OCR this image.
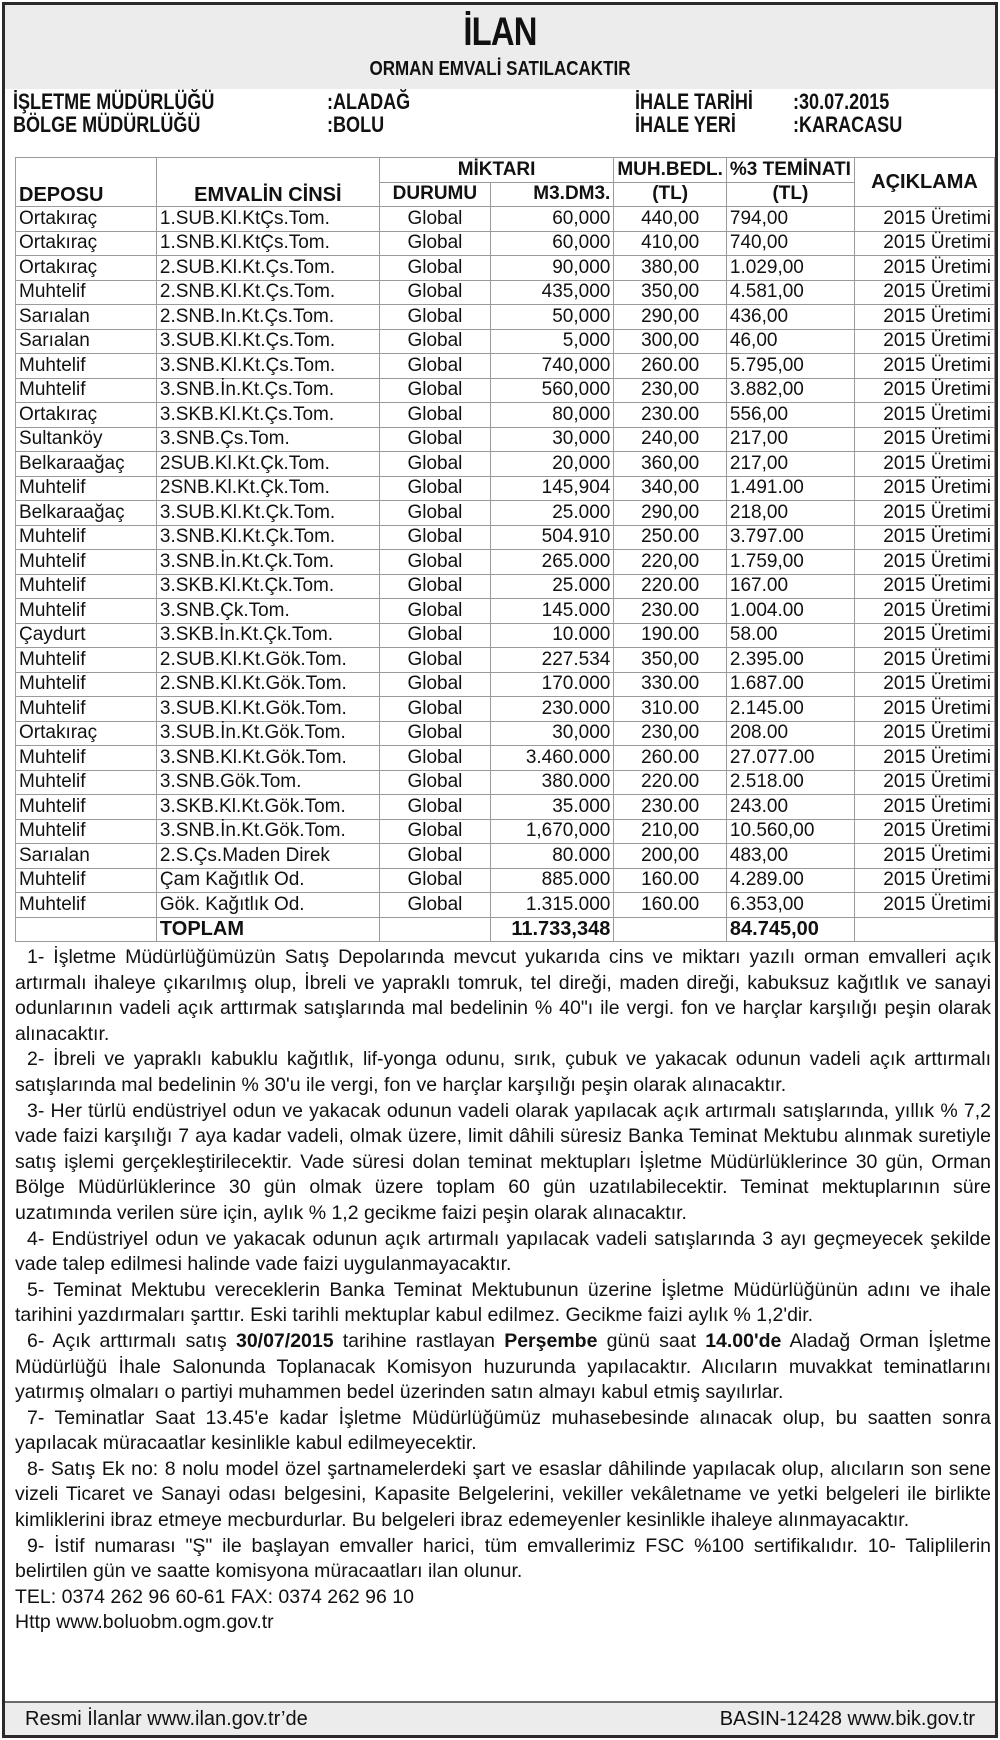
İLAN
ORMAN EMVALİ SATILACAKTIR
İŞLETME MÜDÜRLÜĞÜ	:ALADAĞ	İHALE TARİHİ :30.07.2015
BÖLGE MÜDÜRLÜĞÜ	:BOLU	İHALE YERİ	:KARACASU
DEPOSU	EMVALİN CİNSİ	MİKTARI		MUH.BEDL.	%3 TEMİNATI	AÇIKLAMA
		DURUMU	M3.DM3.	(TL)	(TL)	
Ortakıraç	1.SUB.Kl.KtÇs.Tom.	Global	60,000	440,00	794,00	2015 Üretimi
Ortakıraç	1.SNB.Kl.KtÇs.Tom.	Global	60,000	410,00	740,00	2015 Üretimi
Ortakıraç	2.SUB.Kl.Kt.Çs.Tom.	Global	90,000	380,00	1.029,00	2015 Üretimi
Muhtelif	2.SNB.Kl.Kt.Çs.Tom.	Global	435,000	350,00	4.581,00	2015 Üretimi
Sarıalan	2.SNB.In.Kt.Çs.Tom.	Global	50,000	290,00	436,00	2015 Üretimi
Sarıalan	3.SUB.Kl.Kt.Çs.Tom.	Global	5,000	300,00	46,00	2015 Üretimi
Muhtelif	3.SNB.Kl.Kt.Çs.Tom.	Global	740,000	260.00	5.795,00	2015 Üretimi
Muhtelif	3.SNB.İn.Kt.Çs.Tom.	Global	560,000	230,00	3.882,00	2015 Üretimi
Ortakıraç	3.SKB.Kl.Kt.Çs.Tom.	Global	80,000	230.00	556,00	2015 Üretimi
Sultanköy	3.SNB.Çs.Tom.	Global	30,000	240,00	217,00	2015 Üretimi
Belkaraağaç	2SUB.Kl.Kt.Çk.Tom.	Global	20,000	360,00	217,00	2015 Üretimi
Muhtelif	2SNB.Kl.Kt.Çk.Tom.	Global	145,904	340,00	1.491.00	2015 Üretimi
Belkaraağaç	3.SUB.Kl.Kt.Çk.Tom.	Global	25.000	290,00	218,00	2015 Üretimi
Muhtelif	3.SNB.Kl.Kt.Çk.Tom.	Global	504.910	250.00	3.797.00	2015 Üretimi
Muhtelif	3.SNB.İn.Kt.Çk.Tom.	Global	265.000	220,00	1.759,00	2015 Üretimi
Muhtelif	3.SKB.Kl.Kt.Çk.Tom.	Global	25.000	220.00	167.00	2015 Üretimi
Muhtelif	3.SNB.Çk.Tom.	Global	145.000	230.00	1.004.00	2015 Üretimi
Çaydurt	3.SKB.İn.Kt.Çk.Tom.	Global	10.000	190.00	58.00	2015 Üretimi
Muhtelif	2.SUB.Kl.Kt.Gök.Tom.	Global	227.534	350,00	2.395.00	2015 Üretimi
Muhtelif	2.SNB.Kl.Kt.Gök.Tom.	Global	170.000	330.00	1.687.00	2015 Üretimi
Muhtelif	3.SUB.Kl.Kt.Gök.Tom.	Global	230.000	310.00	2.145.00	2015 Üretimi
Ortakıraç	3.SUB.İn.Kt.Gök.Tom.	Global	30,000	230,00	208.00	2015 Üretimi
Muhtelif	3.SNB.Kl.Kt.Gök.Tom.	Global	3.460.000	260.00	27.077.00	2015 Üretimi
Muhtelif	3.SNB.Gök.Tom.	Global	380.000	220.00	2.518.00	2015 Üretimi
Muhtelif	3.SKB.Kl.Kt.Gök.Tom.	Global	35.000	230.00	243.00	2015 Üretimi
Muhtelif	3.SNB.İn.Kt.Gök.Tom.	Global	1,670,000	210,00	10.560,00	2015 Üretimi
Sarıalan	2.S.Çs.Maden Direk	Global	80.000	200,00	483,00	2015 Üretimi
Muhtelif	Çam Kağıtlık Od.	Global	885.000	160.00	4.289.00	2015 Üretimi
Muhtelif	Gök. Kağıtlık Od.	Global	1.315.000	160.00	6.353,00	2015 Üretimi
	TOPLAM		11.733,348		84.745,00	

1- İşletme Müdürlüğümüzün Satış Depolarında mevcut yukarıda cins ve miktarı yazılı orman emvalleri açık artırmalı ihaleye çıkarılmış olup, İbreli ve yapraklı tomruk, tel direği, maden direği, kabuksuz kağıtlık ve sanayi odunlarının vadeli açık arttırmak satışlarında mal bedelinin % 40"ı ile vergi. fon ve harçlar karşılığı peşin olarak alınacaktır.

2- İbreli ve yapraklı kabuklu kağıtlık, lif-yonga odunu, sırık, çubuk ve yakacak odunun vadeli açık arttırmalı satışlarında mal bedelinin % 30'u ile vergi, fon ve harçlar karşılığı peşin olarak alınacaktır.

3- Her türlü endüstriyel odun ve yakacak odunun vadeli olarak yapılacak açık artırmalı satışlarında, yıllık % 7,2 vade faizi karşılığı 7 aya kadar vadeli, olmak üzere, limit dâhili süresiz Banka Teminat Mektubu alınmak suretiyle satış işlemi gerçekleştirilecektir. Vade süresi dolan teminat mektupları İşletme Müdürlüklerince 30 gün, Orman Bölge Müdürlüklerince 30 gün olmak üzere toplam 60 gün uzatılabilecektir. Teminat mektuplarının süre uzatımında verilen süre için, aylık % 1,2 gecikme faizi peşin olarak alınacaktır.

4- Endüstriyel odun ve yakacak odunun açık artırmalı yapılacak vadeli satışlarında 3 ayı geçmeyecek şekilde vade talep edilmesi halinde vade faizi uygulanmayacaktır.

5- Teminat Mektubu vereceklerin Banka Teminat Mektubunun üzerine İşletme Müdürlüğünün adını ve ihale tarihini yazdırmaları şarttır. Eski tarihli mektuplar kabul edilmez. Gecikme faizi aylık % 1,2'dir.

6- Açık arttırmalı satış 30/07/2015 tarihine rastlayan Perşembe günü saat 14.00'de Aladağ Orman İşletme Müdürlüğü İhale Salonunda Toplanacak Komisyon huzurunda yapılacaktır. Alıcıların muvakkat teminatlarını yatırmış olmaları o partiyi muhammen bedel üzerinden satın almayı kabul etmiş sayılırlar.

7- Teminatlar Saat 13.45'e kadar İşletme Müdürlüğümüz muhasebesinde alınacak olup, bu saatten sonra yapılacak müracaatlar kesinlikle kabul edilmeyecektir.

8- Satış Ek no: 8 nolu model özel şartnamelerdeki şart ve esaslar dâhilinde yapılacak olup, alıcıların son sene vizeli Ticaret ve Sanayi odası belgesini, Kapasite Belgelerini, vekiller vekâletname ve yetki belgeleri ile birlikte kimliklerini ibraz etmeye mecburdurlar. Bu belgeleri ibraz edemeyenler kesinlikle ihaleye alınmayacaktır.

9- İstif numarası "Ş" ile başlayan emvaller harici, tüm emvallerimiz FSC %100 sertifikalıdır. 10- Taliplilerin belirtilen gün ve saatte komisyona müracaatları ilan olunur.

TEL: 0374 262 96 60-61 FAX: 0374 262 96 10

Http www.boluobm.ogm.gov.tr

Resmi İlanlar www.ilan.gov.tr’de	BASIN-12428 www.bik.gov.tr
